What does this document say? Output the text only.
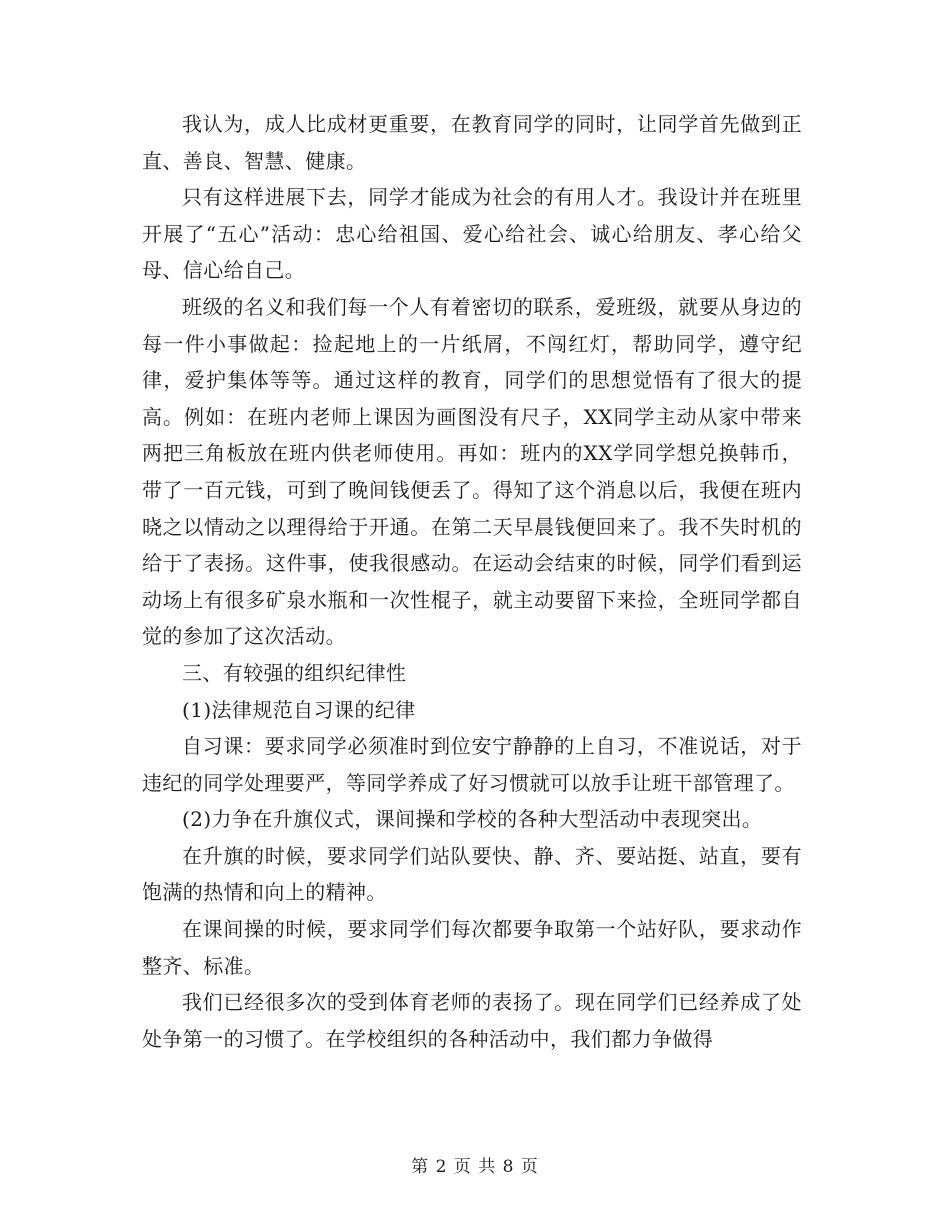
我认为，成人比成材更重要，在教育同学的同时，让同学首先做到正直、善良、智慧、健康。

只有这样进展下去，同学才能成为社会的有用人才。我设计并在班里开展了“五心”活动：忠心给祖国、爱心给社会、诚心给朋友、孝心给父母、信心给自己。

班级的名义和我们每一个人有着密切的联系，爱班级，就要从身边的每一件小事做起：捡起地上的一片纸屑，不闯红灯，帮助同学，遵守纪律，爱护集体等等。通过这样的教育，同学们的思想觉悟有了很大的提高。例如：在班内老师上课因为画图没有尺子，XX同学主动从家中带来两把三角板放在班内供老师使用。再如：班内的XX学同学想兑换韩币，带了一百元钱，可到了晚间钱便丢了。得知了这个消息以后，我便在班内晓之以情动之以理得给于开通。在第二天早晨钱便回来了。我不失时机的给于了表扬。这件事，使我很感动。在运动会结束的时候，同学们看到运动场上有很多矿泉水瓶和一次性棍子，就主动要留下来捡，全班同学都自觉的参加了这次活动。

三、有较强的组织纪律性

(1)法律规范自习课的纪律

自习课：要求同学必须准时到位安宁静静的上自习，不准说话，对于违纪的同学处理要严，等同学养成了好习惯就可以放手让班干部管理了。

(2)力争在升旗仪式，课间操和学校的各种大型活动中表现突出。

在升旗的时候，要求同学们站队要快、静、齐、要站挺、站直，要有饱满的热情和向上的精神。

在课间操的时候，要求同学们每次都要争取第一个站好队，要求动作整齐、标准。

我们已经很多次的受到体育老师的表扬了。现在同学们已经养成了处处争第一的习惯了。在学校组织的各种活动中，我们都力争做得

第 2 页 共 8 页
